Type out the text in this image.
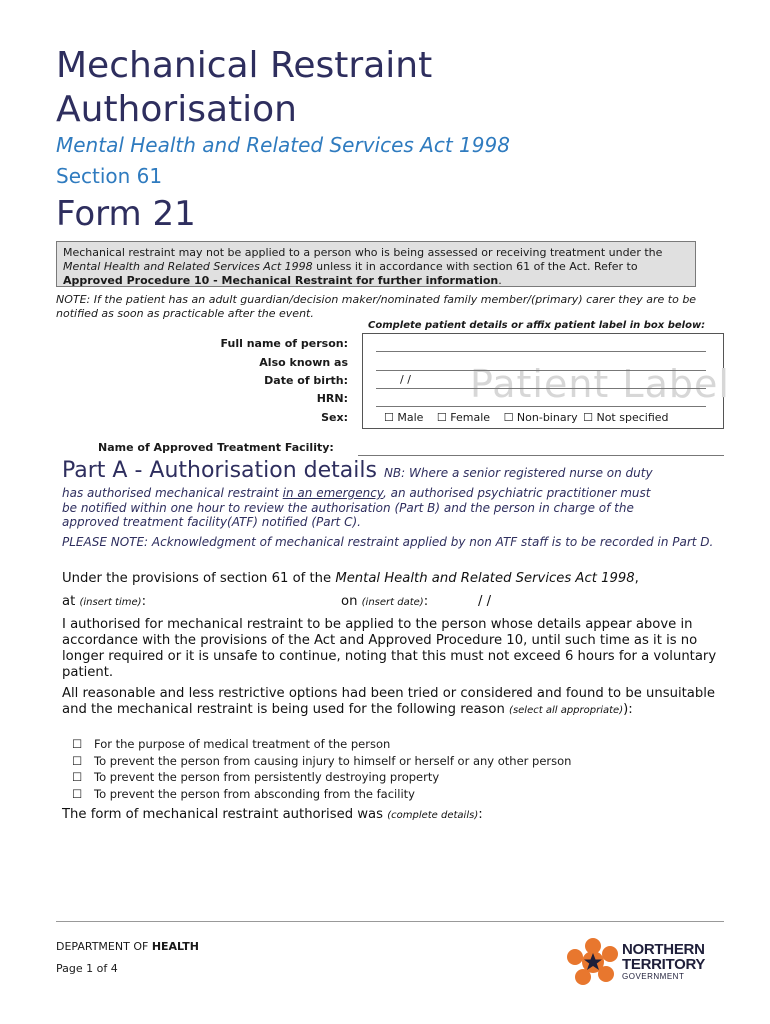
Mechanical Restraint
Authorisation
Mental Health and Related Services Act 1998
Section 61
Form 21
Mechanical restraint may not be applied to a person who is being assessed or receiving treatment under the
Mental Health and Related Services Act 1998 unless it in accordance with section 61 of the Act. Refer to
Approved Procedure 10 - Mechanical Restraint for further information.
NOTE: If the patient has an adult guardian/decision maker/nominated family member/(primary) carer they are to be notified as soon as practicable after the event.
Complete patient details or affix patient label in box below:
Patient Label
Full name of person:
Also known as
Date of birth:	/ /
HRN:
Sex:	☐ Male ☐ Female ☐ Non-binary ☐ Not specified
Name of Approved Treatment Facility:
Part A - Authorisation details NB: Where a senior registered nurse on duty
has authorised mechanical restraint in an emergency, an authorised psychiatric practitioner must
be notified within one hour to review the authorisation (Part B) and the person in charge of the
approved treatment facility(ATF) notified (Part C).
PLEASE NOTE: Acknowledgment of mechanical restraint applied by non ATF staff is to be recorded in Part D.
Under the provisions of section 61 of the Mental Health and Related Services Act 1998,
at (insert time):	on (insert date):	/ /
I authorised for mechanical restraint to be applied to the person whose details appear above in accordance with the provisions of the Act and Approved Procedure 10, until such time as it is no longer required or it is unsafe to continue, noting that this must not exceed 6 hours for a voluntary patient.
All reasonable and less restrictive options had been tried or considered and found to be unsuitable and the mechanical restraint is being used for the following reason (select all appropriate)):
☐ For the purpose of medical treatment of the person
☐ To prevent the person from causing injury to himself or herself or any other person
☐ To prevent the person from persistently destroying property
☐ To prevent the person from absconding from the facility
The form of mechanical restraint authorised was (complete details):
DEPARTMENT OF HEALTH
Page 1 of 4
NORTHERN
TERRITORY
GOVERNMENT
